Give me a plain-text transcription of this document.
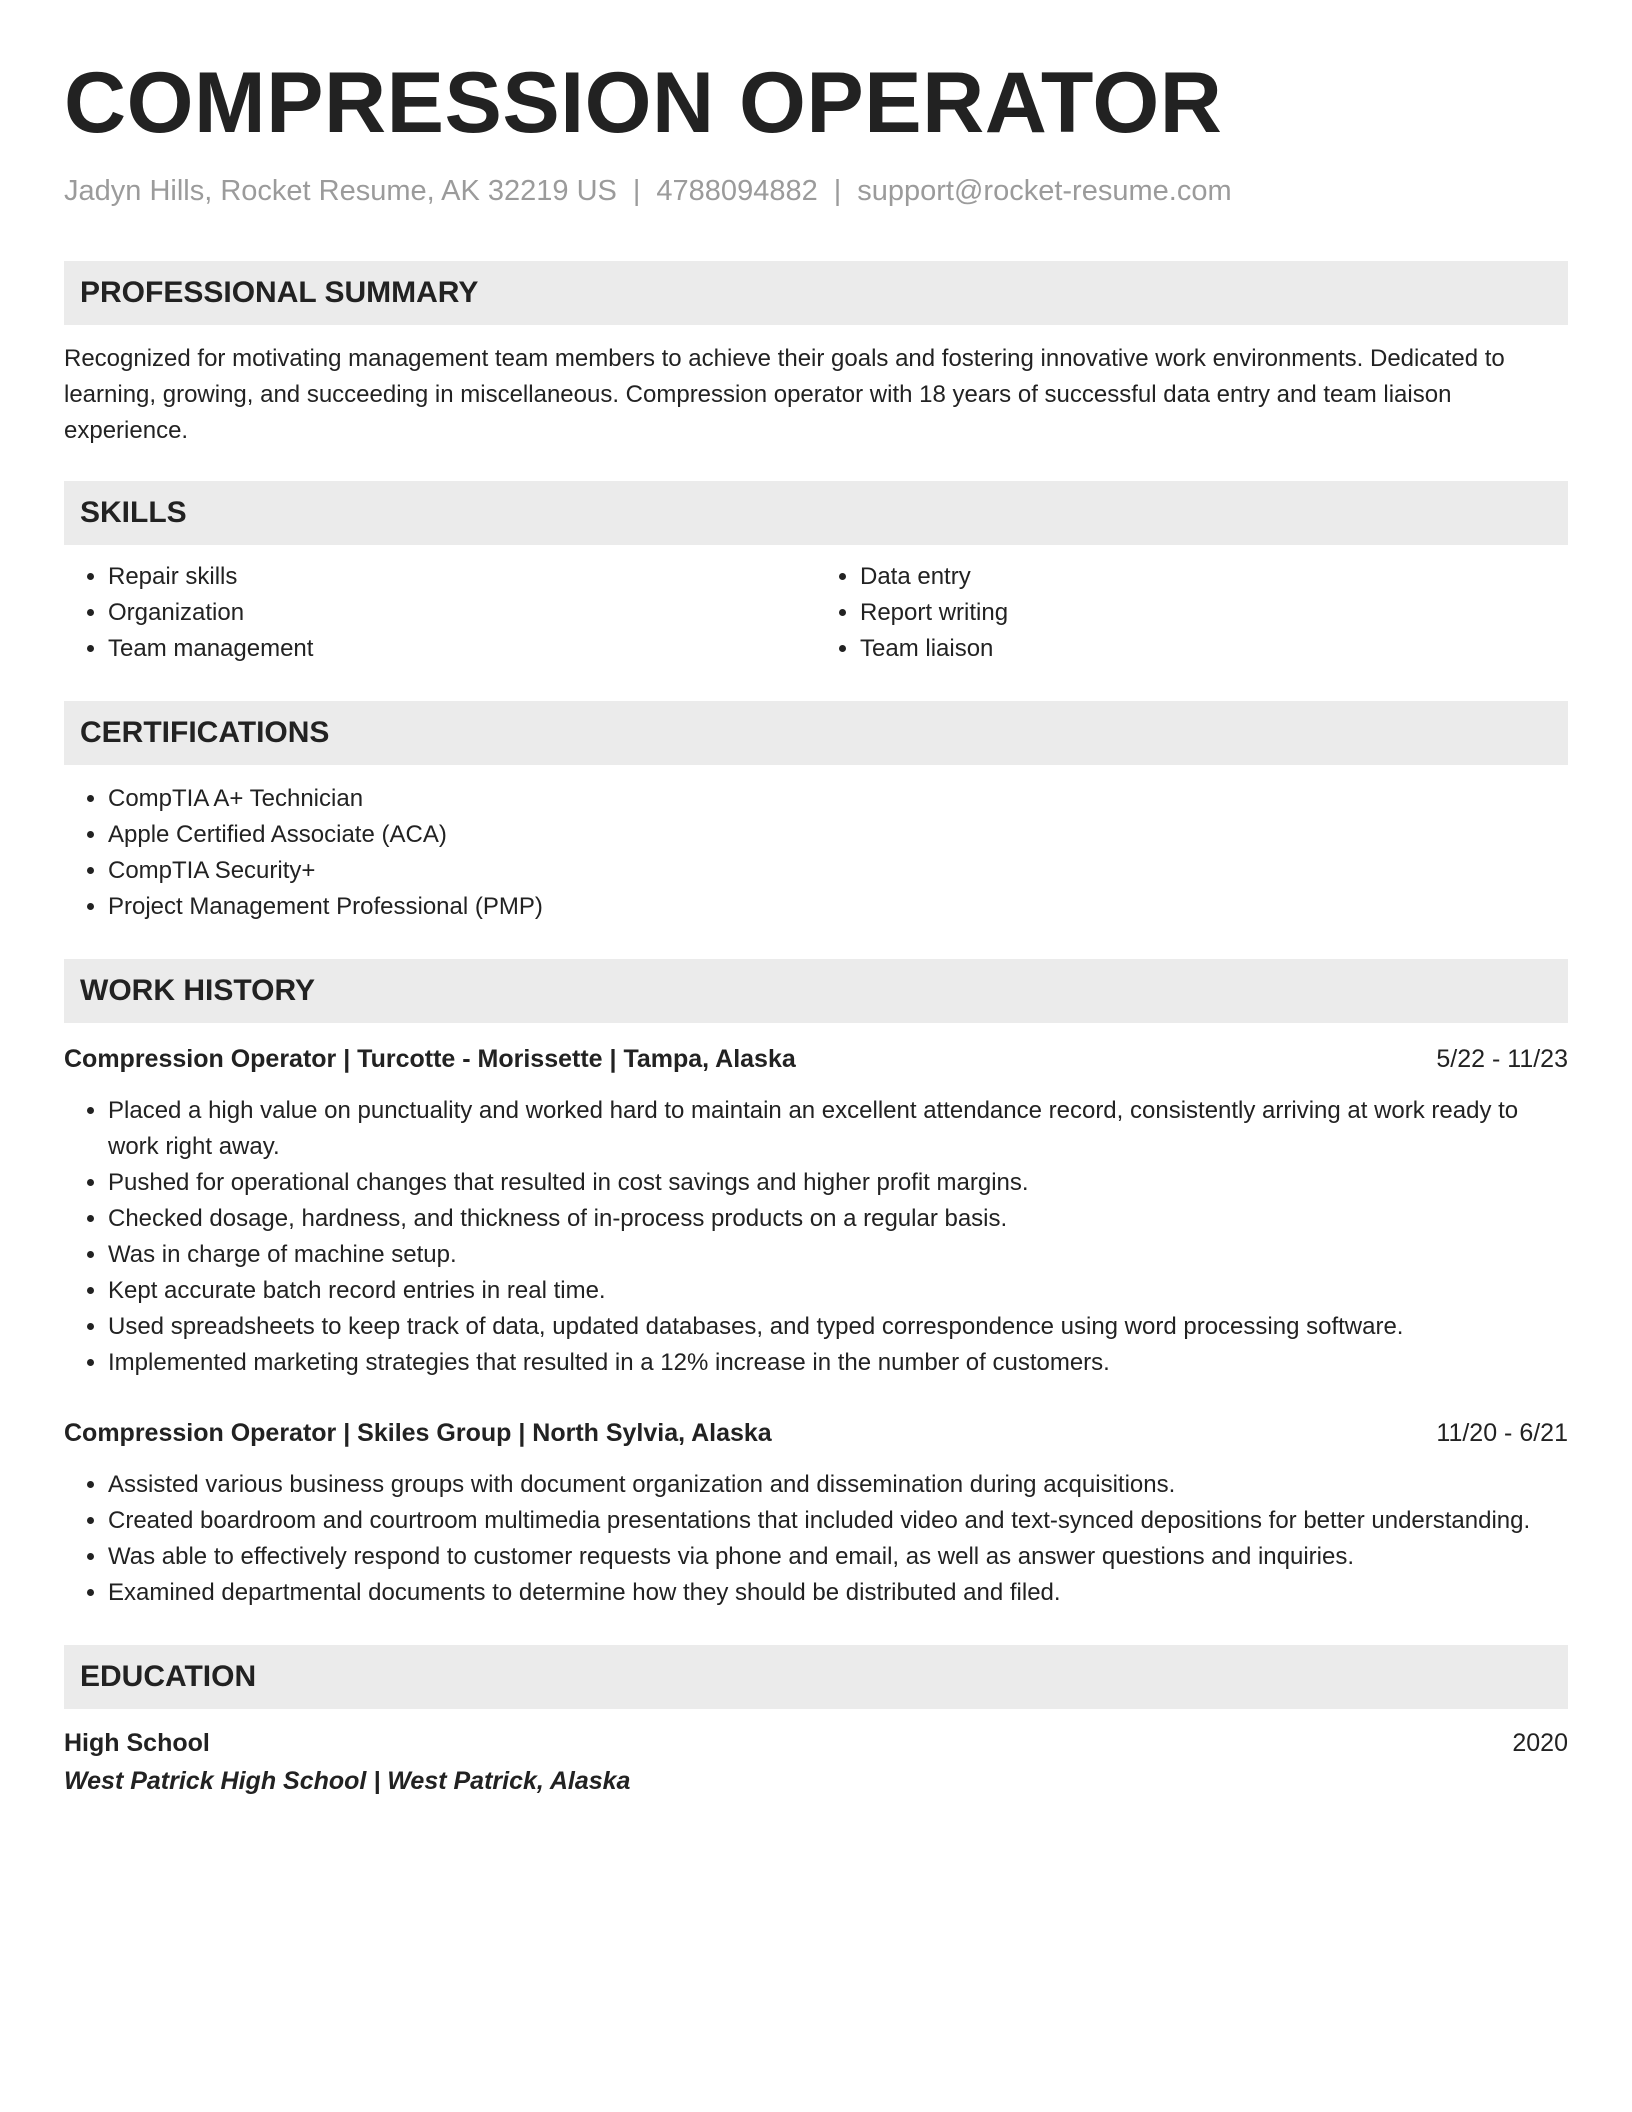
COMPRESSION OPERATOR
Jadyn Hills, Rocket Resume, AK 32219 US | 4788094882 | support@rocket-resume.com
PROFESSIONAL SUMMARY

Recognized for motivating management team members to achieve their goals and fostering innovative work environments. Dedicated to learning, growing, and succeeding in miscellaneous. Compression operator with 18 years of successful data entry and team liaison experience.

SKILLS
• Repair skills
• Organization
• Team management
• Data entry
• Report writing
• Team liaison
CERTIFICATIONS
• CompTIA A+ Technician
• Apple Certified Associate (ACA)
• CompTIA Security+
• Project Management Professional (PMP)
WORK HISTORY
Compression Operator | Turcotte - Morissette | Tampa, Alaska	5/22 - 11/23
• Placed a high value on punctuality and worked hard to maintain an excellent attendance record, consistently arriving at work ready to work right away.
• Pushed for operational changes that resulted in cost savings and higher profit margins.
• Checked dosage, hardness, and thickness of in-process products on a regular basis.
• Was in charge of machine setup.
• Kept accurate batch record entries in real time.
• Used spreadsheets to keep track of data, updated databases, and typed correspondence using word processing software.
• Implemented marketing strategies that resulted in a 12% increase in the number of customers.
Compression Operator | Skiles Group | North Sylvia, Alaska	11/20 - 6/21
• Assisted various business groups with document organization and dissemination during acquisitions.
• Created boardroom and courtroom multimedia presentations that included video and text-synced depositions for better understanding.
• Was able to effectively respond to customer requests via phone and email, as well as answer questions and inquiries.
• Examined departmental documents to determine how they should be distributed and filed.
EDUCATION
High School	2020
West Patrick High School | West Patrick, Alaska
